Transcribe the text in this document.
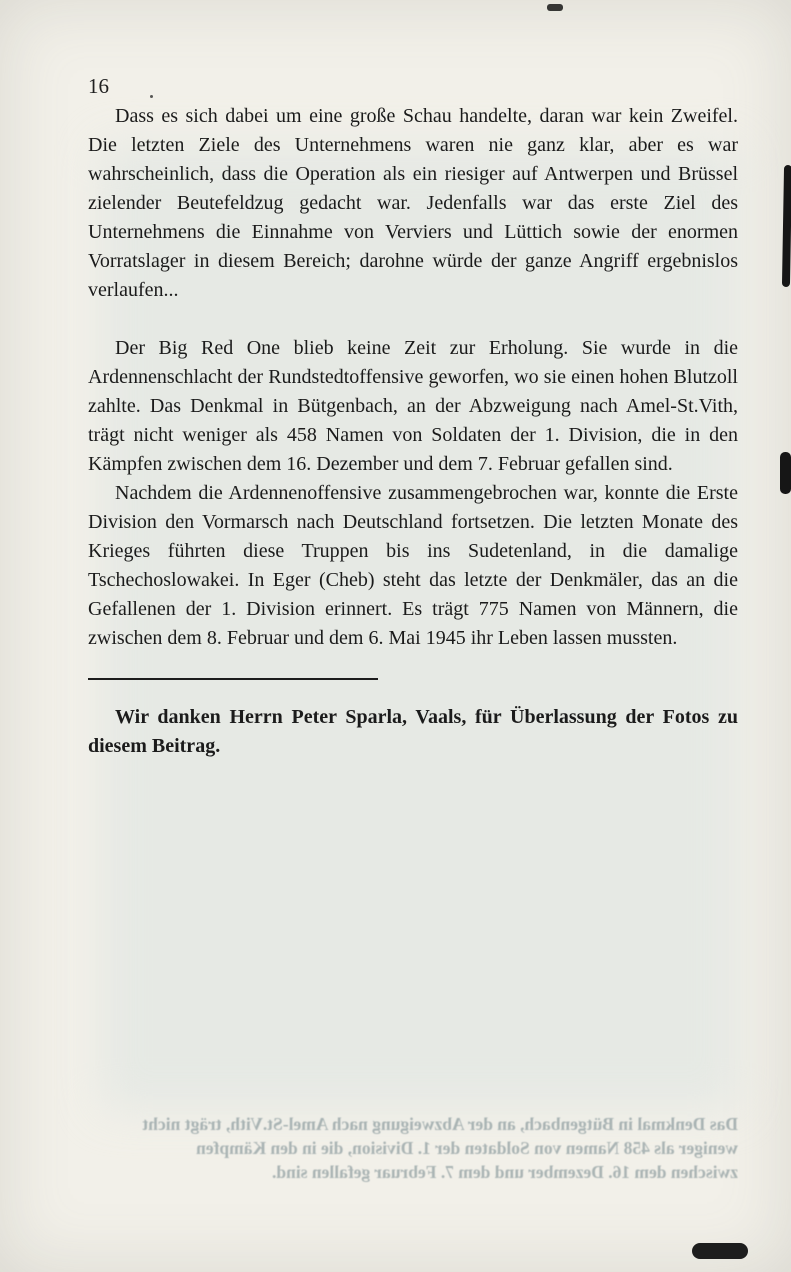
16

Dass es sich dabei um eine große Schau handelte, daran war kein Zweifel. Die letzten Ziele des Unternehmens waren nie ganz klar, aber es war wahrscheinlich, dass die Operation als ein riesiger auf Antwerpen und Brüssel zielender Beutefeldzug gedacht war. Jedenfalls war das erste Ziel des Unternehmens die Einnahme von Verviers und Lüttich sowie der enormen Vorratslager in diesem Bereich; darohne würde der ganze Angriff ergebnislos verlaufen...

Der Big Red One blieb keine Zeit zur Erholung. Sie wurde in die Ardennenschlacht der Rundstedtoffensive geworfen, wo sie einen hohen Blutzoll zahlte. Das Denkmal in Bütgenbach, an der Abzweigung nach Amel-St.Vith, trägt nicht weniger als 458 Namen von Soldaten der 1. Division, die in den Kämpfen zwischen dem 16. Dezember und dem 7. Februar gefallen sind.

Nachdem die Ardennenoffensive zusammengebrochen war, konnte die Erste Division den Vormarsch nach Deutschland fortsetzen. Die letzten Monate des Krieges führten diese Truppen bis ins Sudetenland, in die damalige Tschechoslowakei. In Eger (Cheb) steht das letzte der Denkmäler, das an die Gefallenen der 1. Division erinnert. Es trägt 775 Namen von Männern, die zwischen dem 8. Februar und dem 6. Mai 1945 ihr Leben lassen mussten.

Wir danken Herrn Peter Sparla, Vaals, für Überlassung der Fotos zu diesem Beitrag.

Das Denkmal in Bütgenbach, an der Abzweigung nach Amel-St.Vith, trägt nicht
weniger als 458 Namen von Soldaten der 1. Division, die in den Kämpfen
zwischen dem 16. Dezember und dem 7. Februar gefallen sind.
